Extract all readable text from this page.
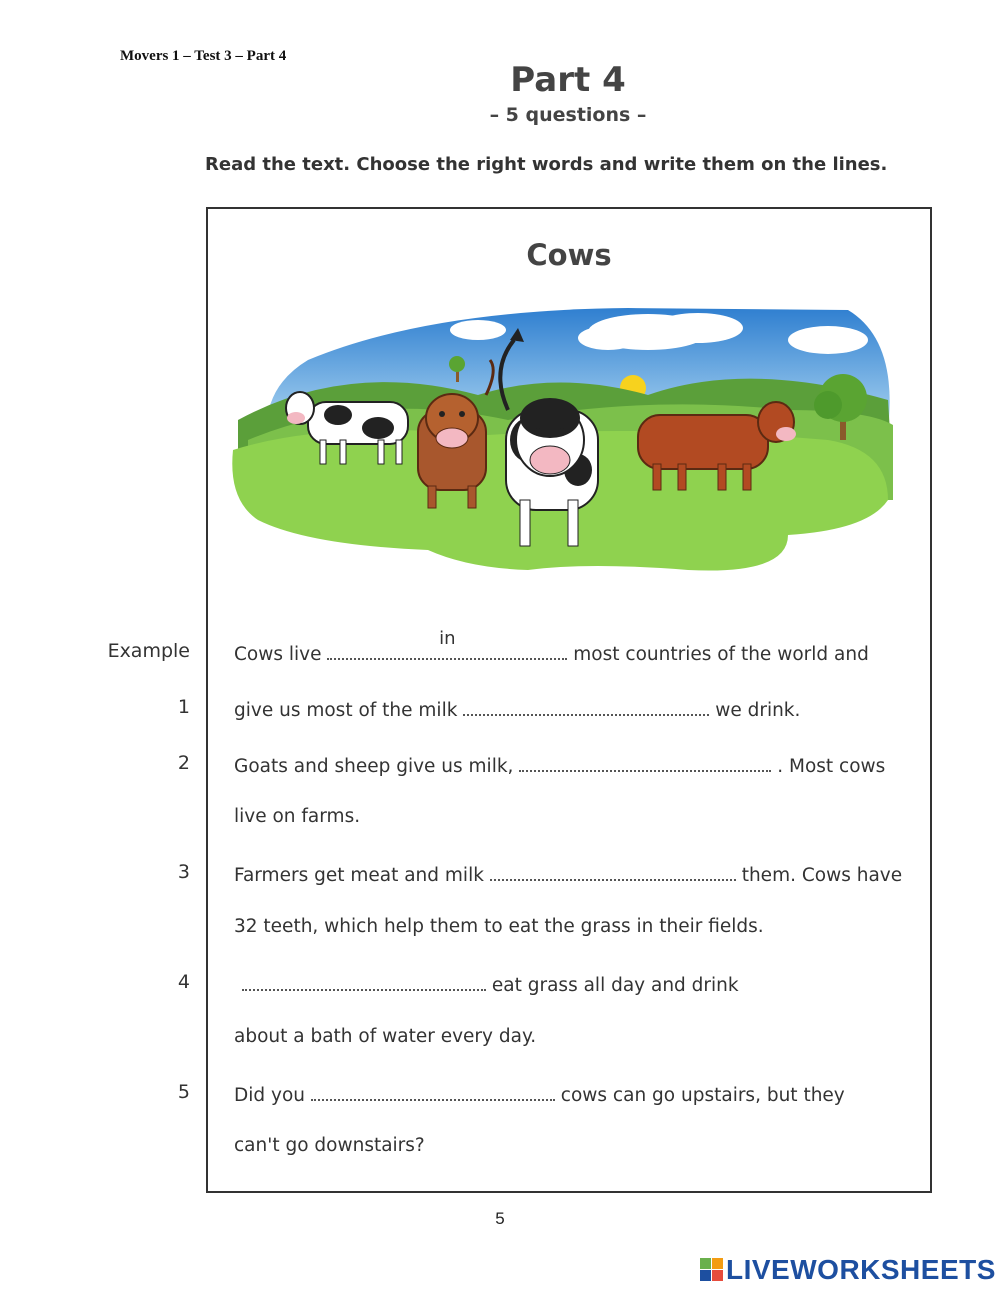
Movers 1 – Test 3 – Part 4
Part 4
– 5 questions –
Read the text. Choose the right words and write them on the lines.
Cows
Example
1
2
3
4
5
Cows live
in
most countries of the world and
give us most of the milk	we drink.
Goats and sheep give us milk,	. Most cows
live on farms.
Farmers get meat and milk	them. Cows have
32 teeth, which help them to eat the grass in their fields.
eat grass all day and drink
about a bath of water every day.
Did you	cows can go upstairs, but they
can't go downstairs?
5
LIVEWORKSHEETS
